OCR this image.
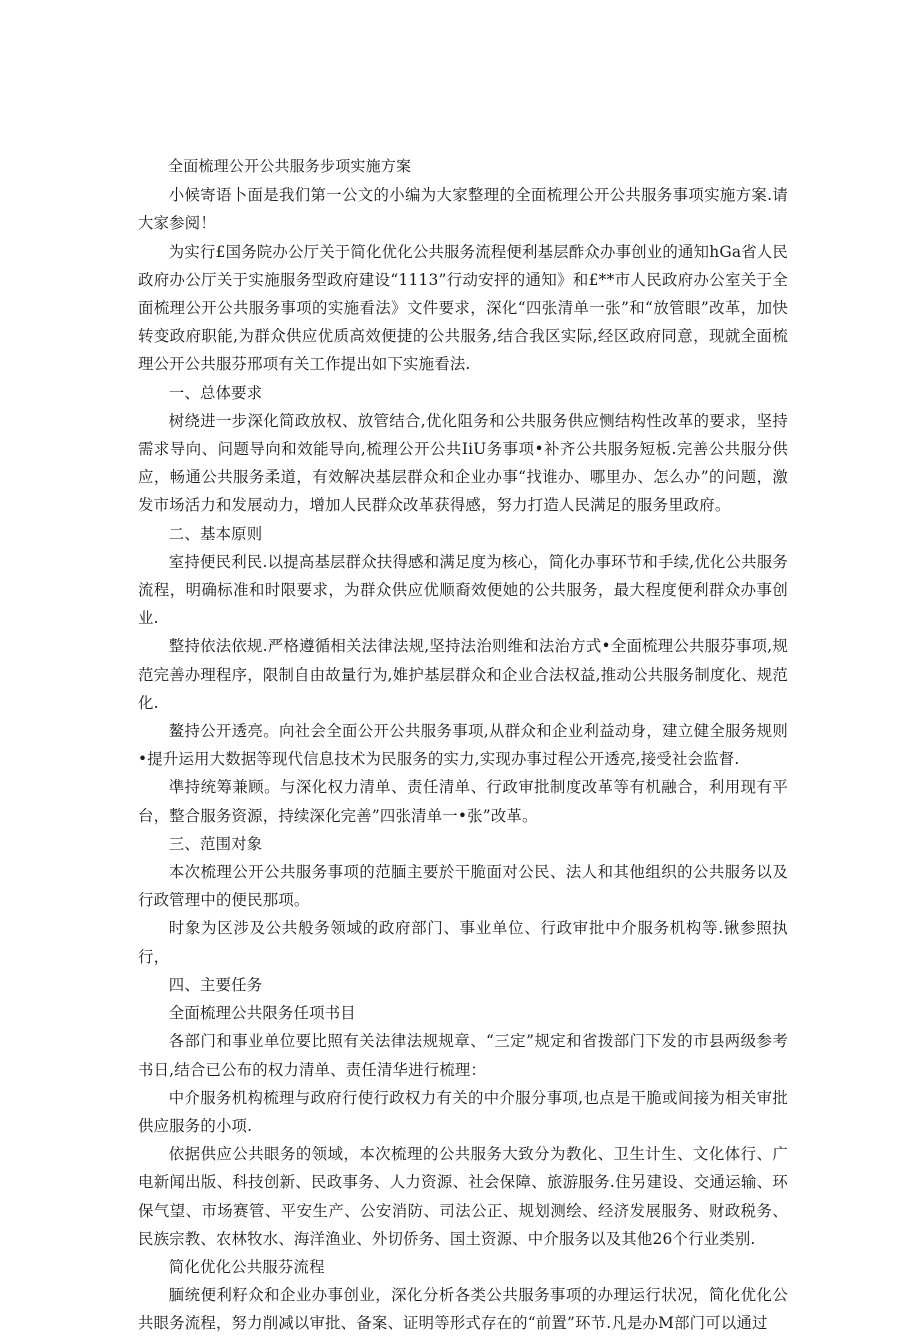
全面梳理公开公共服务步项实施方案

小候寄语卜面是我们第一公文的小编为大家整理的全面梳理公开公共服务事项实施方案.请大家参阅！

为实行£国务院办公厅关于简化优化公共服务流程便利基层酢众办事创业的通知hGa省人民政府办公厅关于实施服务型政府建设“1113”行动安抨的通知》和£**市人民政府办公室关于全面梳理公开公共服务事项的实施看法》文件要求，深化“四张清单一张”和“放管眼”改革，加快转变政府职能,为群众供应优质高效便捷的公共服务,结合我区实际,经区政府同意，现就全面梳理公开公共服芬邢项有关工作提出如下实施看法.

一、总体要求

树绕进一步深化简政放权、放管结合,优化阻务和公共服务供应恻结构性改革的要求，坚持需求导向、问题导向和效能导向,梳理公开公共IiU务事项•补齐公共服务短板.完善公共服分供应，畅通公共服务柔道，有效解决基层群众和企业办事“找谁办、哪里办、怎么办”的问题，激发市场活力和发展动力，增加人民群众改革获得感，努力打造人民满足的服务里政府。

二、基本原则

室持便民利民.以提高基层群众扶得感和满足度为核心，简化办事环节和手续,优化公共服务流程，明确标准和时限要求，为群众供应优顺裔效便她的公共服务，最大程度便利群众办事创业.

整持依法依规.严格遵循相关法律法规,坚持法治则维和法治方式•全面梳理公共服芬事项,规范完善办理程序，限制自由故量行为,婎护基层群众和企业合法权益,推动公共服务制度化、规范化.

鳌持公开透亮。向社会全面公开公共服务事项,从群众和企业利益动身，建立健全服务规则•提升运用大数据等现代信息技术为民服务的实力,实现办事过程公开透亮,接受社会监督.

凖持统筹兼顾。与深化权力清单、责任清单、行政审批制度改革等有机融合，利用现有平台，整合服务资源，持续深化完善”四张清单一•张”改革。

三、范围对象

本次梳理公开公共服务事项的范腼主要於干脆面对公民、法人和其他组织的公共服务以及行政管理中的便民那项。

时象为区涉及公共般务领域的政府部门、事业单位、行政审批中介服务机构等.锹参照执行，

四、主要任务

全面梳理公共限务任项书目

各部门和事业单位要比照有关法律法规规章、“三定”规定和省拨部门下发的市县两级参考书日,结合已公布的权力清单、责任清华进行梳理：

中介服务机构梳理与政府行使行政权力有关的中介服分事项,也点是干脆或间接为相关审批供应服务的小项.

依据供应公共眼务的领域，本次梳理的公共服务大致分为教化、卫生计生、文化体行、广电新闻出版、科技创新、民政事务、人力资源、社会保障、旅游服务.住另建设、交通运输、环保气望、市场赛管、平安生产、公安消防、司法公正、规划测绘、经济发展服务、财政税务、民族宗教、农林牧水、海洋渔业、外切侨务、国土资源、中介服务以及其他26个行业类别.

简化优化公共服芬流程

腼统便利籽众和企业办事创业，深化分析各类公共服务事项的办理运行状况，简化优化公共眼务流程，努力削减以审批、备案、证明等形式存在的“前置”环节.凡是办M部门可以通过
